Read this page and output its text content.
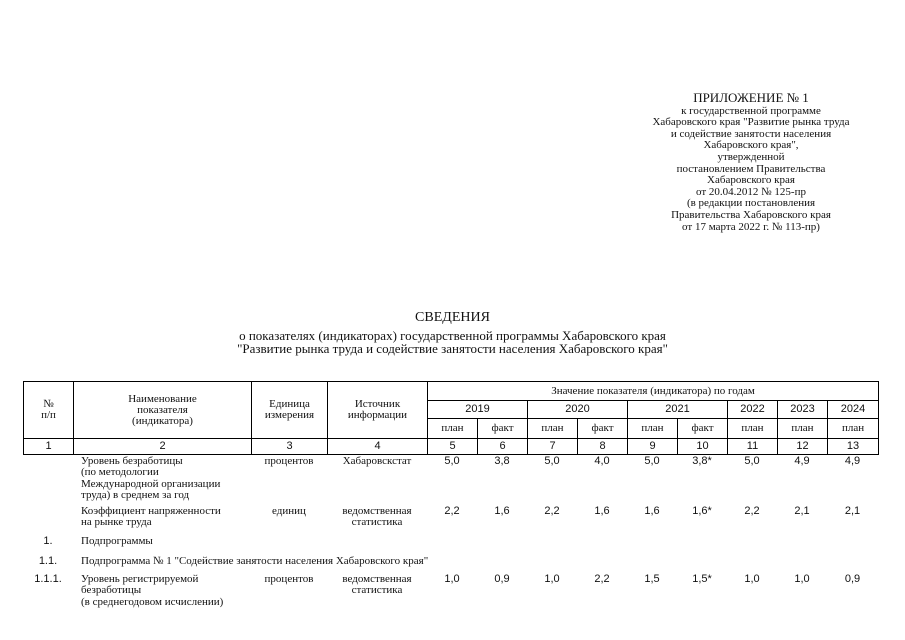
ПРИЛОЖЕНИЕ № 1
к государственной программе
Хабаровского края "Развитие рынка труда
и содействие занятости населения
Хабаровского края",
утвержденной
постановлением Правительства
Хабаровского края
от 20.04.2012 № 125-пр
(в редакции постановления
Правительства Хабаровского края
от 17 марта 2022 г. № 113-пр)
СВЕДЕНИЯ
о показателях (индикаторах) государственной программы Хабаровского края
"Развитие рынка труда и содействие занятости населения Хабаровского края"
№
п/п	Наименование
показателя
(индикатора)	Единица
измерения	Источник
информации	Значение показателя (индикатора) по годам								
				2019		2020		2021		2022	2023	2024
				план	факт	план	факт	план	факт	план	план	план
1	2	3	4	5	6	7	8	9	10	11	12	13
	Уровень безработицы
(по методологии
Международной организации
труда) в среднем за год	процентов	Хабаровскстат	5,0	3,8	5,0	4,0	5,0	3,8*	5,0	4,9	4,9
	Коэффициент напряженности
на рынке труда	единиц	ведомственная
статистика	2,2	1,6	2,2	1,6	1,6	1,6*	2,2	2,1	2,1
1.	Подпрограммы											
1.1.	Подпрограмма № 1 "Содействие занятости населения Хабаровского края"											
1.1.1.	Уровень регистрируемой
безработицы
(в среднегодовом исчислении)	процентов	ведомственная
статистика	1,0	0,9	1,0	2,2	1,5	1,5*	1,0	1,0	0,9
